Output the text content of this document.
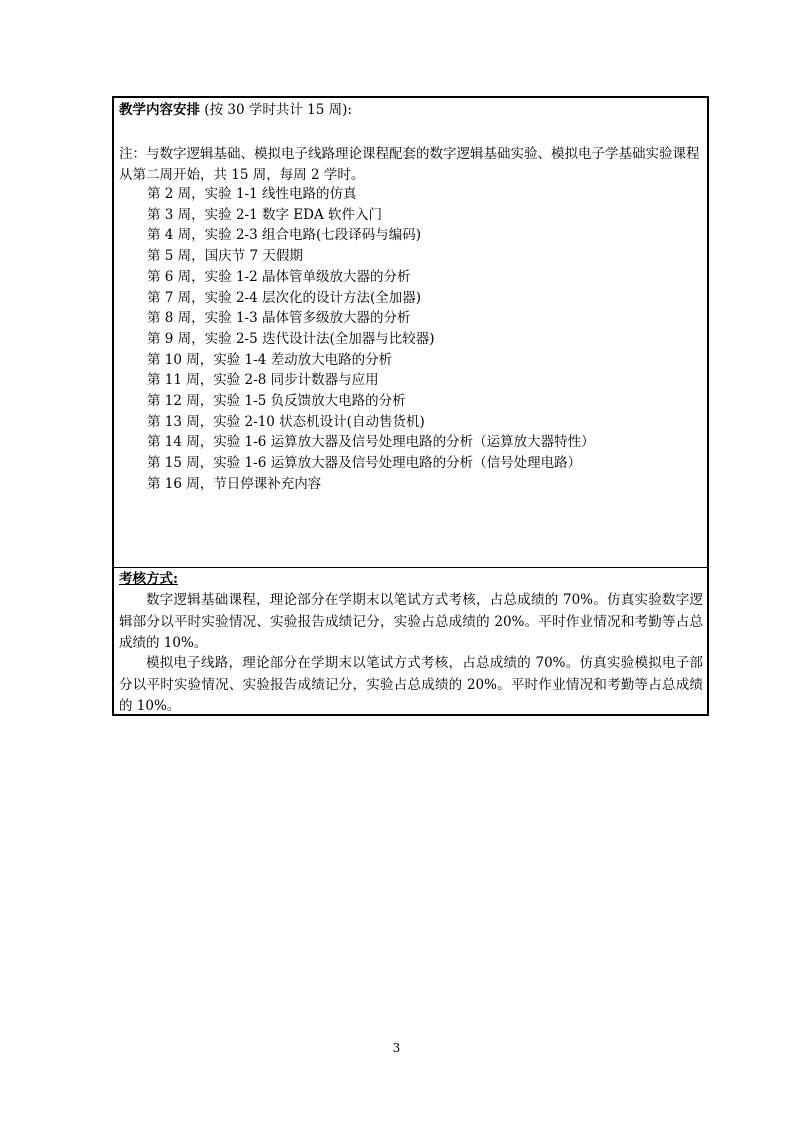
教学内容安排 (按 30 学时共计 15 周):
注：与数字逻辑基础、模拟电子线路理论课程配套的数字逻辑基础实验、模拟电子学基础实验课程从第二周开始，共 15 周，每周 2 学时。
第 2 周，实验 1-1 线性电路的仿真
第 3 周，实验 2-1 数字 EDA 软件入门
第 4 周，实验 2-3 组合电路(七段译码与编码)
第 5 周，国庆节 7 天假期
第 6 周，实验 1-2 晶体管单级放大器的分析
第 7 周，实验 2-4 层次化的设计方法(全加器)
第 8 周，实验 1-3 晶体管多级放大器的分析
第 9 周，实验 2-5 迭代设计法(全加器与比较器)
第 10 周，实验 1-4 差动放大电路的分析
第 11 周，实验 2-8 同步计数器与应用
第 12 周，实验 1-5 负反馈放大电路的分析
第 13 周，实验 2-10 状态机设计(自动售货机)
第 14 周，实验 1-6 运算放大器及信号处理电路的分析（运算放大器特性）
第 15 周，实验 1-6 运算放大器及信号处理电路的分析（信号处理电路）
第 16 周，节日停课补充内容
考核方式:
数字逻辑基础课程，理论部分在学期末以笔试方式考核，占总成绩的 70%。仿真实验数字逻辑部分以平时实验情况、实验报告成绩记分，实验占总成绩的 20%。平时作业情况和考勤等占总成绩的 10%。
模拟电子线路，理论部分在学期末以笔试方式考核，占总成绩的 70%。仿真实验模拟电子部分以平时实验情况、实验报告成绩记分，实验占总成绩的 20%。平时作业情况和考勤等占总成绩的 10%。
3
